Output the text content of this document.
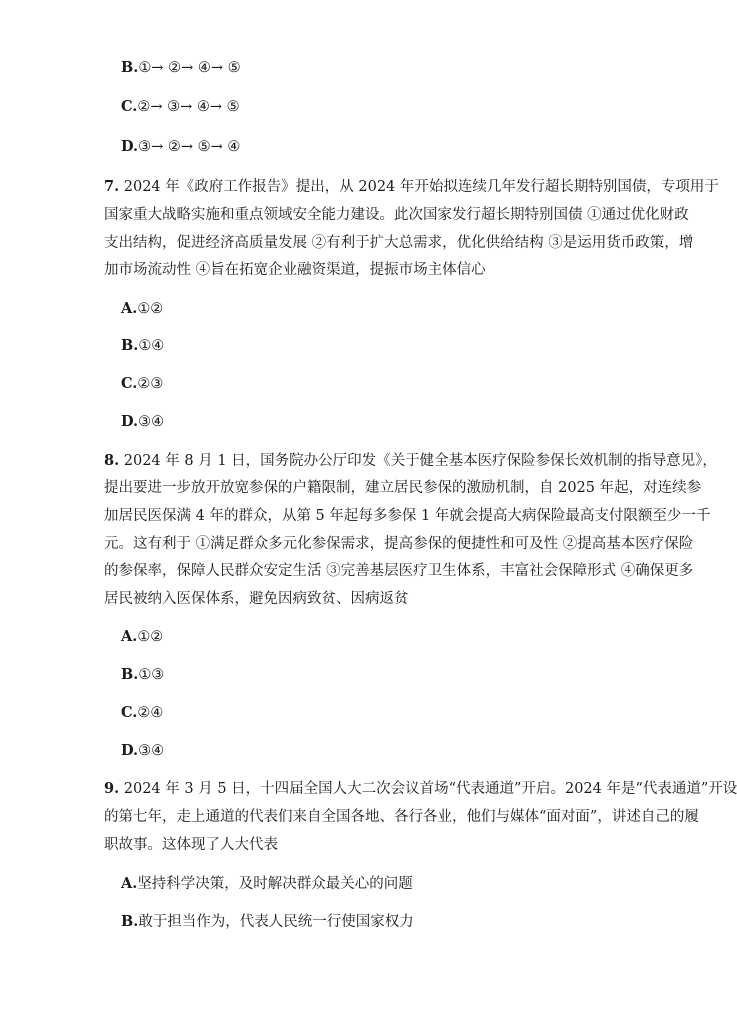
B.①→ ②→ ④→ ⑤
C.②→ ③→ ④→ ⑤
D.③→ ②→ ⑤→ ④
7. 2024 年《政府工作报告》提出，从 2024 年开始拟连续几年发行超长期特别国债，专项用于
国家重大战略实施和重点领域安全能力建设。此次国家发行超长期特别国债 ①通过优化财政
支出结构，促进经济高质量发展 ②有利于扩大总需求，优化供给结构 ③是运用货币政策，增
加市场流动性 ④旨在拓宽企业融资渠道，提振市场主体信心
A.①②
B.①④
C.②③
D.③④
8. 2024 年 8 月 1 日，国务院办公厅印发《关于健全基本医疗保险参保长效机制的指导意见》，
提出要进一步放开放宽参保的户籍限制，建立居民参保的激励机制，自 2025 年起，对连续参
加居民医保满 4 年的群众，从第 5 年起每多参保 1 年就会提高大病保险最高支付限额至少一千
元。这有利于 ①满足群众多元化参保需求，提高参保的便捷性和可及性 ②提高基本医疗保险
的参保率，保障人民群众安定生活 ③完善基层医疗卫生体系，丰富社会保障形式 ④确保更多
居民被纳入医保体系，避免因病致贫、因病返贫
A.①②
B.①③
C.②④
D.③④
9. 2024 年 3 月 5 日，十四届全国人大二次会议首场“代表通道”开启。2024 年是“代表通道”开设
的第七年，走上通道的代表们来自全国各地、各行各业，他们与媒体“面对面”，讲述自己的履
职故事。这体现了人大代表
A.坚持科学决策，及时解决群众最关心的问题
B.敢于担当作为，代表人民统一行使国家权力
